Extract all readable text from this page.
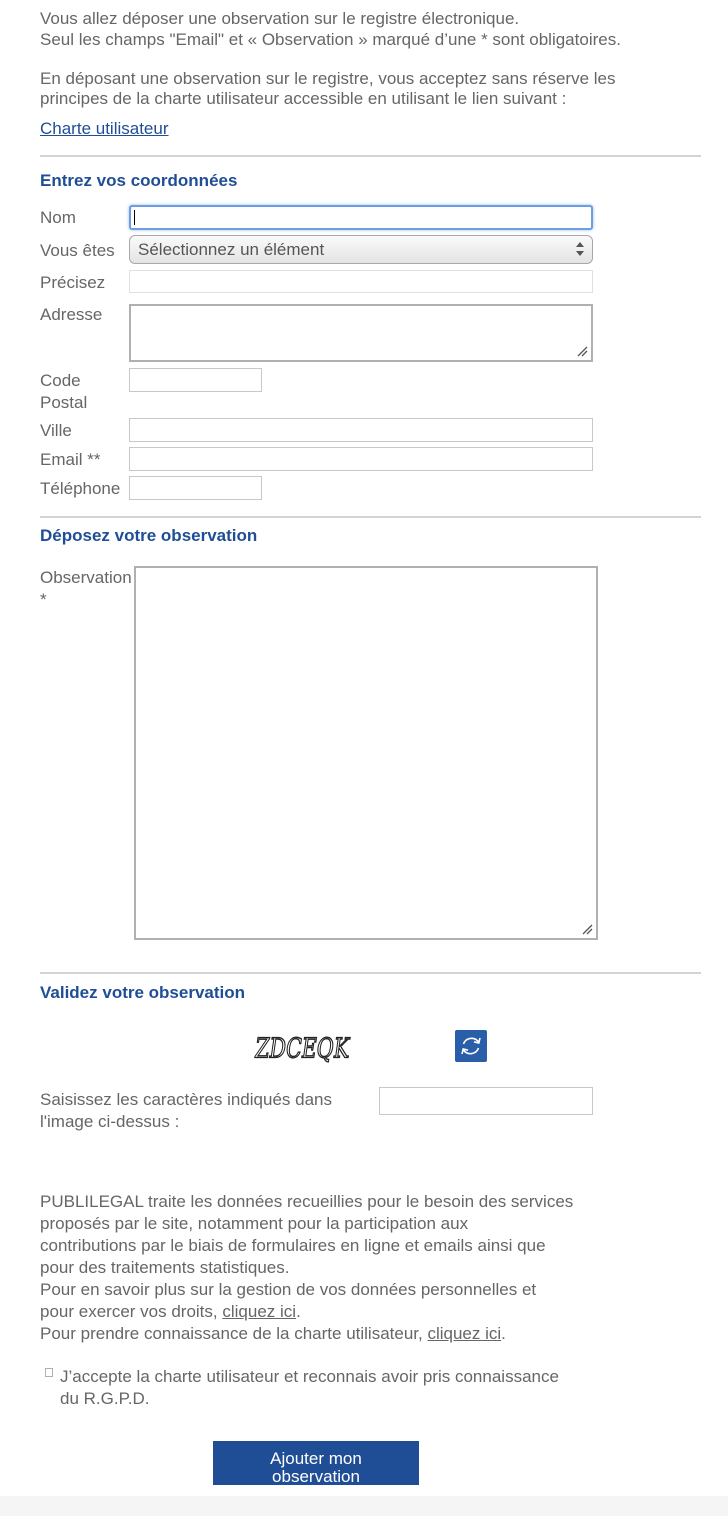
Vous allez déposer une observation sur le registre électronique.
Seul les champs "Email" et « Observation » marqué d’une * sont obligatoires.
En déposant une observation sur le registre, vous acceptez sans réserve les
principes de la charte utilisateur accessible en utilisant le lien suivant :
Charte utilisateur
Entrez vos coordonnées
Nom
Vous êtes Sélectionnez un élément
Précisez
Adresse
Code
Postal
Ville
Email **
Téléphone
Déposez votre observation
Observation
*
Validez votre observation
ZDCEQK
Saisissez les caractères indiqués dans
l'image ci-dessus :
PUBLILEGAL traite les données recueillies pour le besoin des services
proposés par le site, notamment pour la participation aux
contributions par le biais de formulaires en ligne et emails ainsi que
pour des traitements statistiques.
Pour en savoir plus sur la gestion de vos données personnelles et
pour exercer vos droits, cliquez ici.
Pour prendre connaissance de la charte utilisateur, cliquez ici.
J’accepte la charte utilisateur et reconnais avoir pris connaissance
du R.G.P.D.
Ajouter mon
observation
